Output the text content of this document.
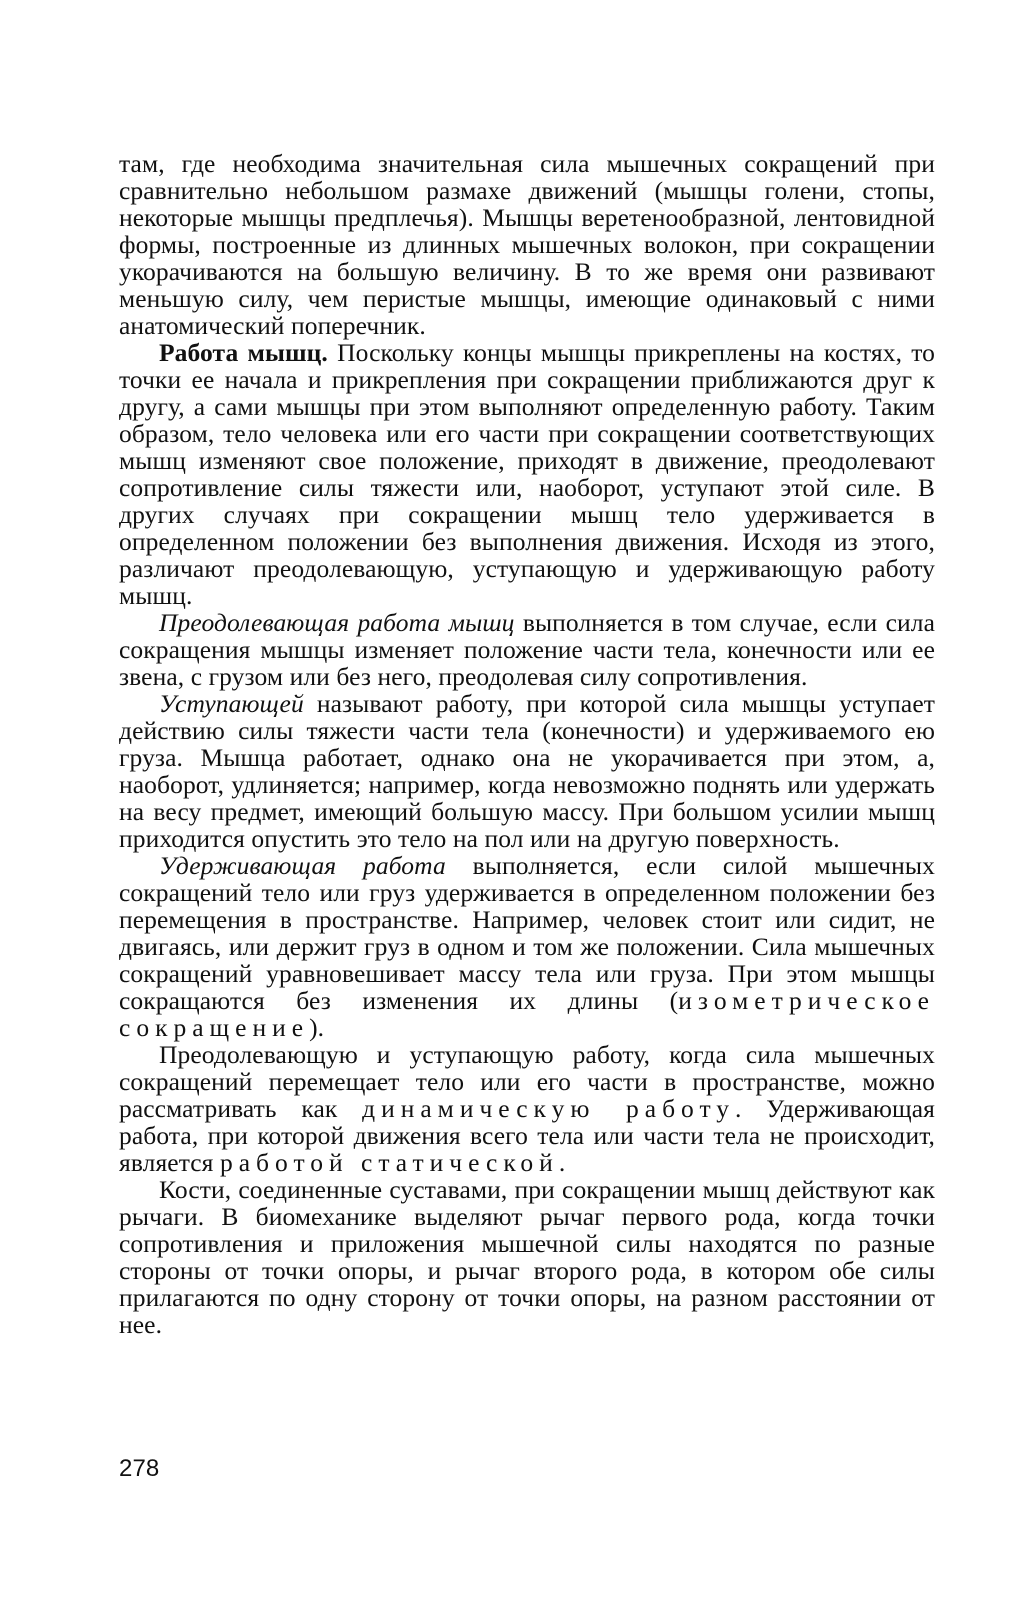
там, где необходима значительная сила мышечных сокращений при сравнительно небольшом размахе движений (мышцы голени, стопы, некоторые мышцы предплечья). Мышцы веретенообразной, лентовидной формы, построенные из длинных мышечных волокон, при сокращении укорачиваются на большую величину. В то же время они развивают меньшую силу, чем перистые мышцы, имеющие одинаковый с ними анатомический поперечник.

Работа мышц. Поскольку концы мышцы прикреплены на костях, то точки ее начала и прикрепления при сокращении приближаются друг к другу, а сами мышцы при этом выполняют определенную работу. Таким образом, тело человека или его части при сокращении соответствующих мышц изменяют свое положение, приходят в движение, преодолевают сопротивление силы тяжести или, наоборот, уступают этой силе. В других случаях при сокращении мышц тело удерживается в определенном положении без выполнения движения. Исходя из этого, различают преодолевающую, уступающую и удерживающую работу мышц.

Преодолевающая работа мышц выполняется в том случае, если сила сокращения мышцы изменяет положение части тела, конечности или ее звена, с грузом или без него, преодолевая силу сопротивления.

Уступающей называют работу, при которой сила мышцы уступает действию силы тяжести части тела (конечности) и удерживаемого ею груза. Мышца работает, однако она не укорачивается при этом, а, наоборот, удлиняется; например, когда невозможно поднять или удержать на весу предмет, имеющий большую массу. При большом усилии мышц приходится опустить это тело на пол или на другую поверхность.

Удерживающая работа выполняется, если силой мышечных сокращений тело или груз удерживается в определенном положении без перемещения в пространстве. Например, человек стоит или сидит, не двигаясь, или держит груз в одном и том же положении. Сила мышечных сокращений уравновешивает массу тела или груза. При этом мышцы сокращаются без изменения их длины (изометрическое сокращение).

Преодолевающую и уступающую работу, когда сила мышечных сокращений перемещает тело или его части в пространстве, можно рассматривать как динамическую работу. Удерживающая работа, при которой движения всего тела или части тела не происходит, является работой статической.

Кости, соединенные суставами, при сокращении мышц действуют как рычаги. В биомеханике выделяют рычаг первого рода, когда точки сопротивления и приложения мышечной силы находятся по разные стороны от точки опоры, и рычаг второго рода, в котором обе силы прилагаются по одну сторону от точки опоры, на разном расстоянии от нее.

278
